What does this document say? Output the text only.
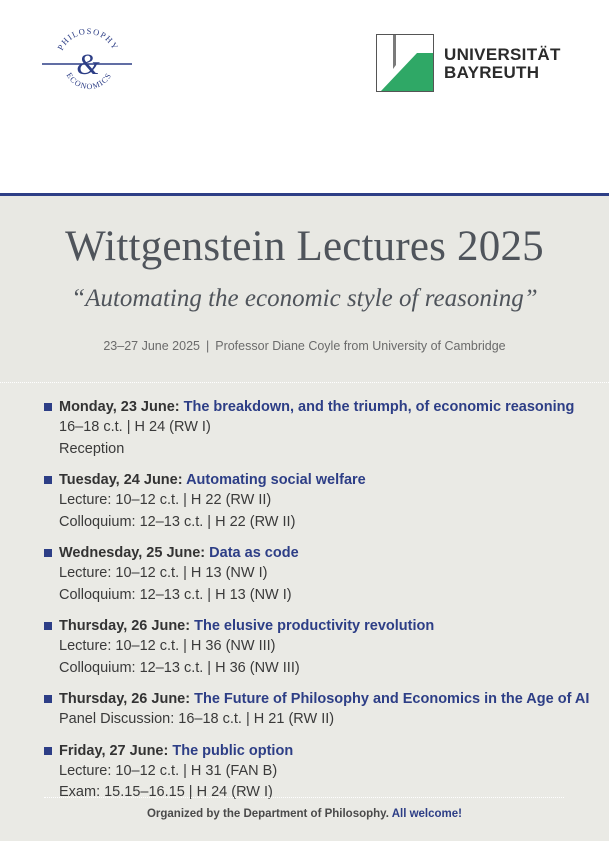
PHILOSOPHY
ECONOMICS
&	UNIVERSITÄT
BAYREUTH
Wittgenstein Lectures 2025
“Automating the economic style of reasoning”
23–27 June 2025 | Professor Diane Coyle from University of Cambridge
Monday, 23 June: The breakdown, and the triumph, of economic reasoning
16–18 c.t. | H 24 (RW I)
Reception
Tuesday, 24 June: Automating social welfare
Lecture: 10–12 c.t. | H 22 (RW II)
Colloquium: 12–13 c.t. | H 22 (RW II)
Wednesday, 25 June: Data as code
Lecture: 10–12 c.t. | H 13 (NW I)
Colloquium: 12–13 c.t. | H 13 (NW I)
Thursday, 26 June: The elusive productivity revolution
Lecture: 10–12 c.t. | H 36 (NW III)
Colloquium: 12–13 c.t. | H 36 (NW III)
Thursday, 26 June: The Future of Philosophy and Economics in the Age of AI
Panel Discussion: 16–18 c.t. | H 21 (RW II)
Friday, 27 June: The public option
Lecture: 10–12 c.t. | H 31 (FAN B)
Exam: 15.15–16.15 | H 24 (RW I)
Organized by the Department of Philosophy. All welcome!
